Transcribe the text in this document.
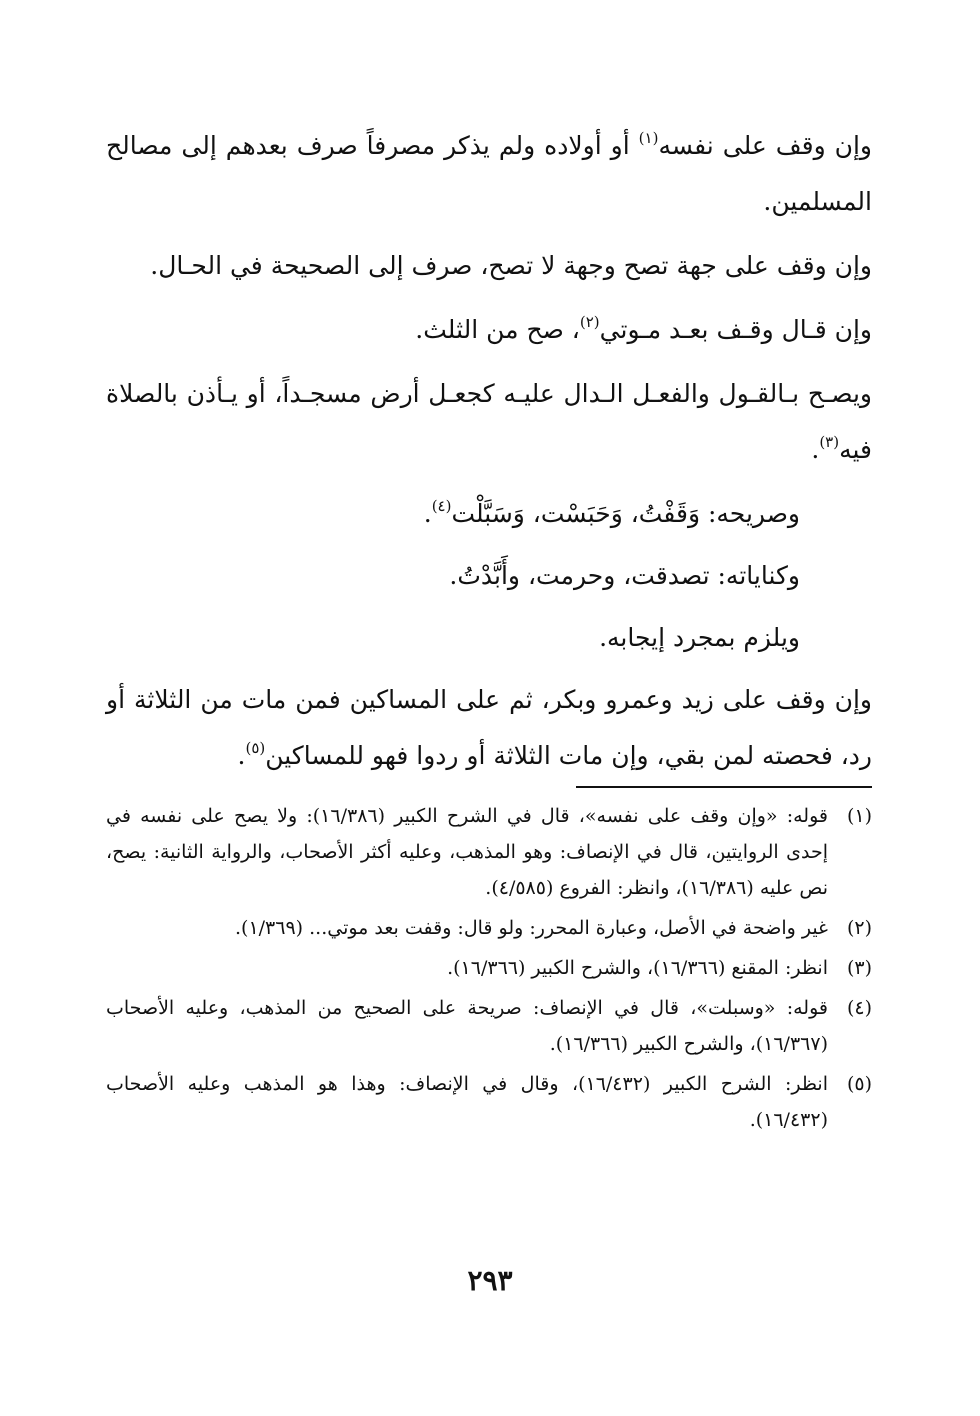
وإن وقف على نفسه$^{(١)}$ أو أولاده ولم يذكر مصرفاً صرف بعدهم إلى مصالح المسلمين.

وإن وقف على جهة تصح وجهة لا تصح، صرف إلى الصحيحة في الحـال.

وإن قـال وقـف بعـد مـوتي$^{(٢)}$، صح من الثلث.

ويصـح بـالقـول والفعـل الـدال عليـه كجعـل أرض مسجـداً، أو يـأذن بالصلاة فيه$^{(٣)}$.

وصريحه: وَقَفْتُ، وَحَبَسْت، وَسَبَّلْت$^{(٤)}$.

وكناياته: تصدقت، وحرمت، وأَبَّدْتُ.

ويلزم بمجرد إيجابه.

وإن وقف على زيد وعمرو وبكر، ثم على المساكين فمن مات من الثلاثة أو رد، فحصته لمن بقي، وإن مات الثلاثة أو ردوا فهو للمساكين$^{(٥)}$.

(١)
قوله: «وإن وقف على نفسه»، قال في الشرح الكبير (١٦/٣٨٦): ولا يصح على نفسه في إحدى الروايتين، قال في الإنصاف: وهو المذهب، وعليه أكثر الأصحاب، والرواية الثانية: يصح، نص عليه (١٦/٣٨٦)، وانظر: الفروع (٤/٥٨٥).
(٢)
غير واضحة في الأصل، وعبارة المحرر: ولو قال: وقفت بعد موتي... (١/٣٦٩).
(٣)
انظر: المقنع (١٦/٣٦٦)، والشرح الكبير (١٦/٣٦٦).
(٤)
قوله: «وسبلت»، قال في الإنصاف: صريحة على الصحيح من المذهب، وعليه الأصحاب (١٦/٣٦٧)، والشرح الكبير (١٦/٣٦٦).
(٥)
انظر: الشرح الكبير (١٦/٤٣٢)، وقال في الإنصاف: وهذا هو المذهب وعليه الأصحاب (١٦/٤٣٢).
٢٩٣
